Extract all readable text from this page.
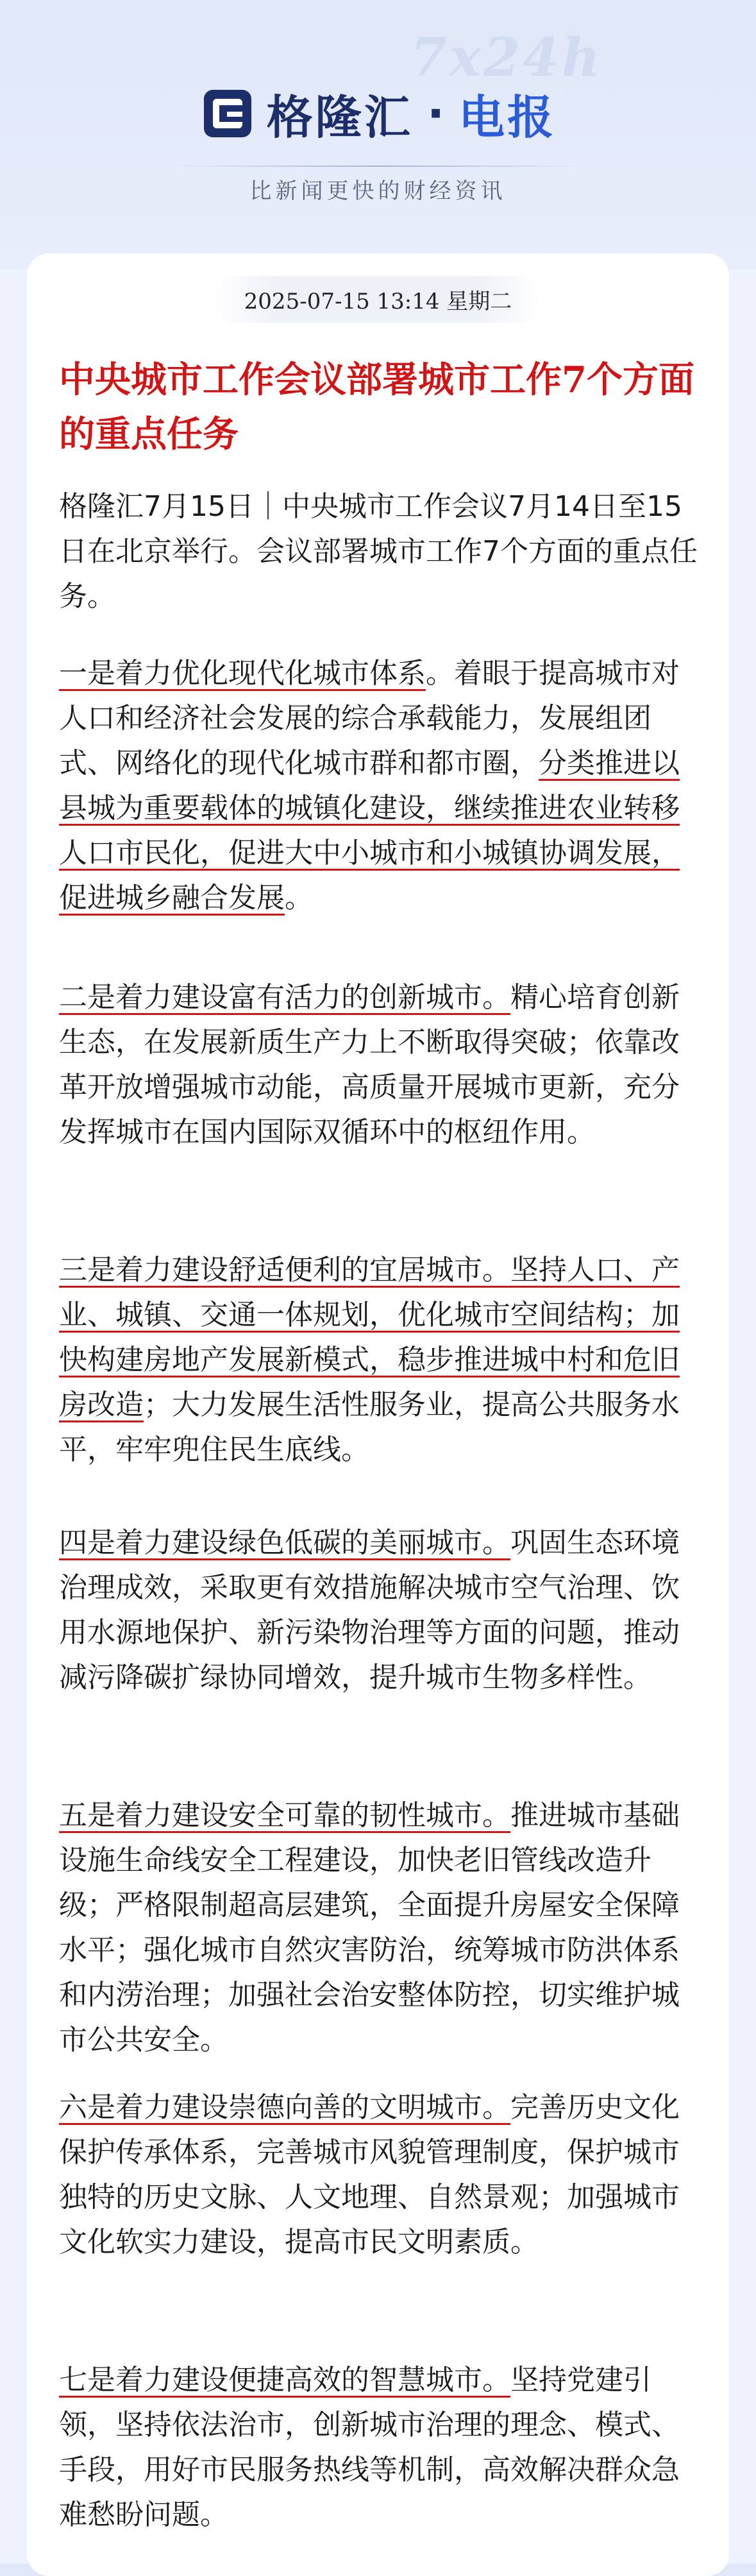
7x24h
格隆汇 · 电报
比新闻更快的财经资讯
2025-07-15 13:14 星期二
中央城市工作会议部署城市工作7个方面的重点任务

格隆汇7月15日｜中央城市工作会议7月14日至15日在北京举行。会议部署城市工作7个方面的重点任务。

一是着力优化现代化城市体系。着眼于提高城市对人口和经济社会发展的综合承载能力，发展组团式、网络化的现代化城市群和都市圈，分类推进以县城为重要载体的城镇化建设，继续推进农业转移人口市民化，促进大中小城市和小城镇协调发展，促进城乡融合发展。

二是着力建设富有活力的创新城市。精心培育创新生态，在发展新质生产力上不断取得突破；依靠改革开放增强城市动能，高质量开展城市更新，充分发挥城市在国内国际双循环中的枢纽作用。

三是着力建设舒适便利的宜居城市。坚持人口、产业、城镇、交通一体规划，优化城市空间结构；加快构建房地产发展新模式，稳步推进城中村和危旧房改造；大力发展生活性服务业，提高公共服务水平，牢牢兜住民生底线。

四是着力建设绿色低碳的美丽城市。巩固生态环境治理成效，采取更有效措施解决城市空气治理、饮用水源地保护、新污染物治理等方面的问题，推动减污降碳扩绿协同增效，提升城市生物多样性。

五是着力建设安全可靠的韧性城市。推进城市基础设施生命线安全工程建设，加快老旧管线改造升级；严格限制超高层建筑，全面提升房屋安全保障水平；强化城市自然灾害防治，统筹城市防洪体系和内涝治理；加强社会治安整体防控，切实维护城市公共安全。

六是着力建设崇德向善的文明城市。完善历史文化保护传承体系，完善城市风貌管理制度，保护城市独特的历史文脉、人文地理、自然景观；加强城市文化软实力建设，提高市民文明素质。

七是着力建设便捷高效的智慧城市。坚持党建引领，坚持依法治市，创新城市治理的理念、模式、手段，用好市民服务热线等机制，高效解决群众急难愁盼问题。
